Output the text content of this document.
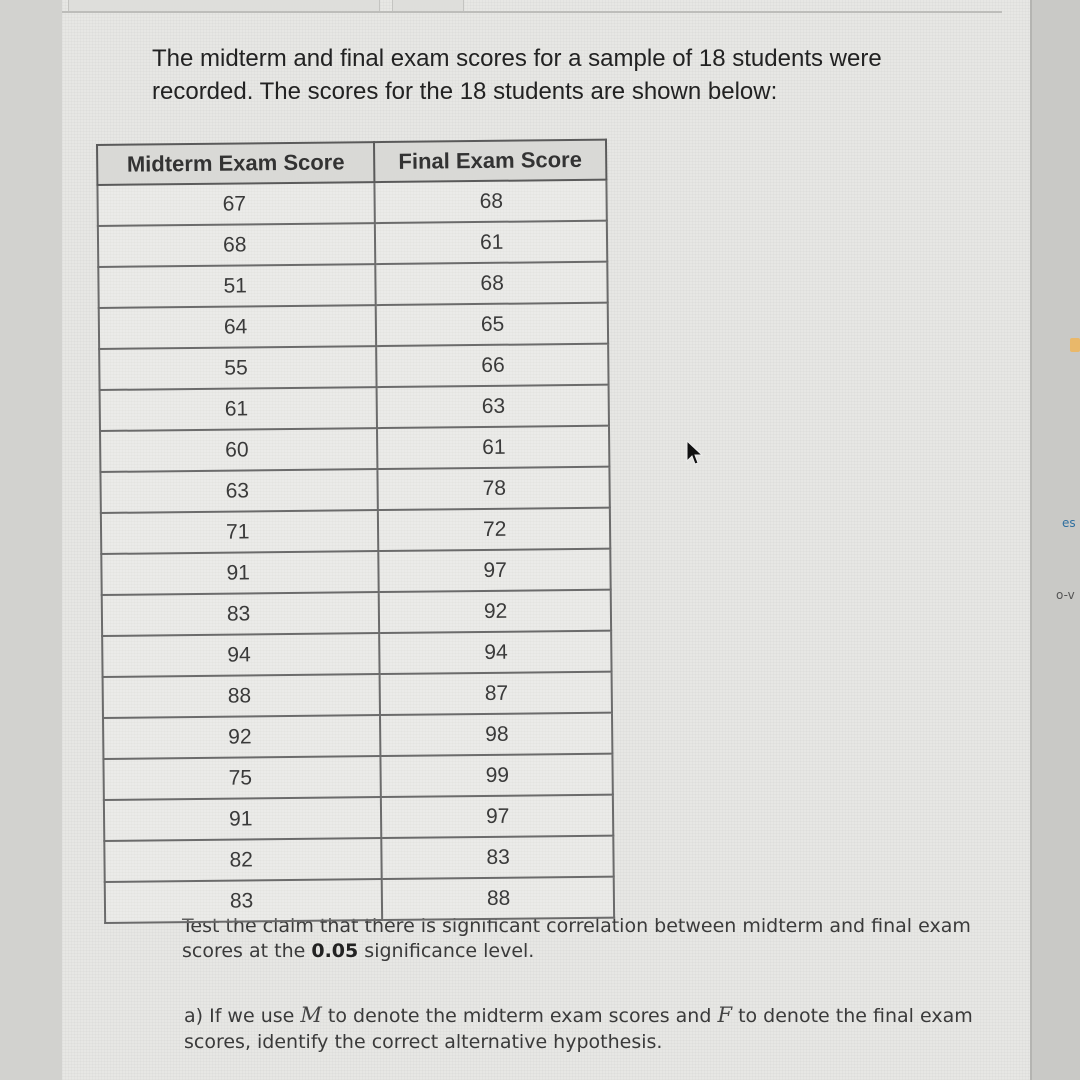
The midterm and final exam scores for a sample of 18 students were
recorded. The scores for the 18 students are shown below:
Test the claim that there is significant correlation between midterm and final exam scores at the 0.05 significance level.
a) If we use M to denote the midterm exam scores and F to denote the final exam scores, identify the correct alternative hypothesis.
Midterm Exam Score	Final Exam Score
67	68
68	61
51	68
64	65
55	66
61	63
60	61
63	78
71	72
91	97
83	92
94	94
88	87
92	98
75	99
91	97
82	83
83	88
es
o-v
